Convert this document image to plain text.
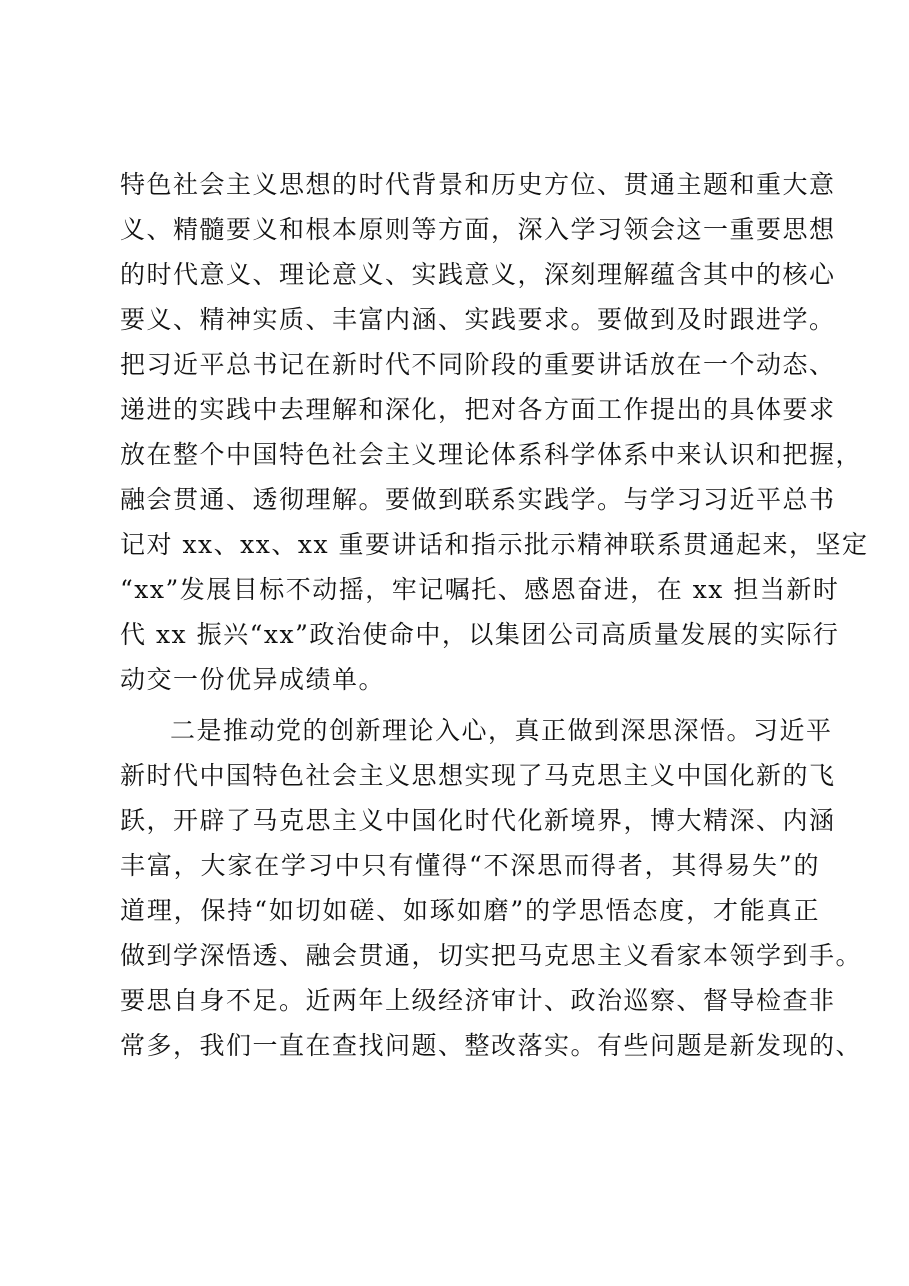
特色社会主义思想的时代背景和历史方位、贯通主题和重大意
义、精髓要义和根本原则等方面，深入学习领会这一重要思想
的时代意义、理论意义、实践意义，深刻理解蕴含其中的核心
要义、精神实质、丰富内涵、实践要求。要做到及时跟进学。
把习近平总书记在新时代不同阶段的重要讲话放在一个动态、
递进的实践中去理解和深化，把对各方面工作提出的具体要求
放在整个中国特色社会主义理论体系科学体系中来认识和把握，
融会贯通、透彻理解。要做到联系实践学。与学习习近平总书
记对 xx、xx、xx 重要讲话和指示批示精神联系贯通起来，坚定
“xx”发展目标不动摇，牢记嘱托、感恩奋进，在 xx 担当新时
代 xx 振兴“xx”政治使命中，以集团公司高质量发展的实际行
动交一份优异成绩单。
二是推动党的创新理论入心，真正做到深思深悟。习近平
新时代中国特色社会主义思想实现了马克思主义中国化新的飞
跃，开辟了马克思主义中国化时代化新境界，博大精深、内涵
丰富，大家在学习中只有懂得“不深思而得者，其得易失”的
道理，保持“如切如磋、如琢如磨”的学思悟态度，才能真正
做到学深悟透、融会贯通，切实把马克思主义看家本领学到手。
要思自身不足。近两年上级经济审计、政治巡察、督导检查非
常多，我们一直在查找问题、整改落实。有些问题是新发现的、
